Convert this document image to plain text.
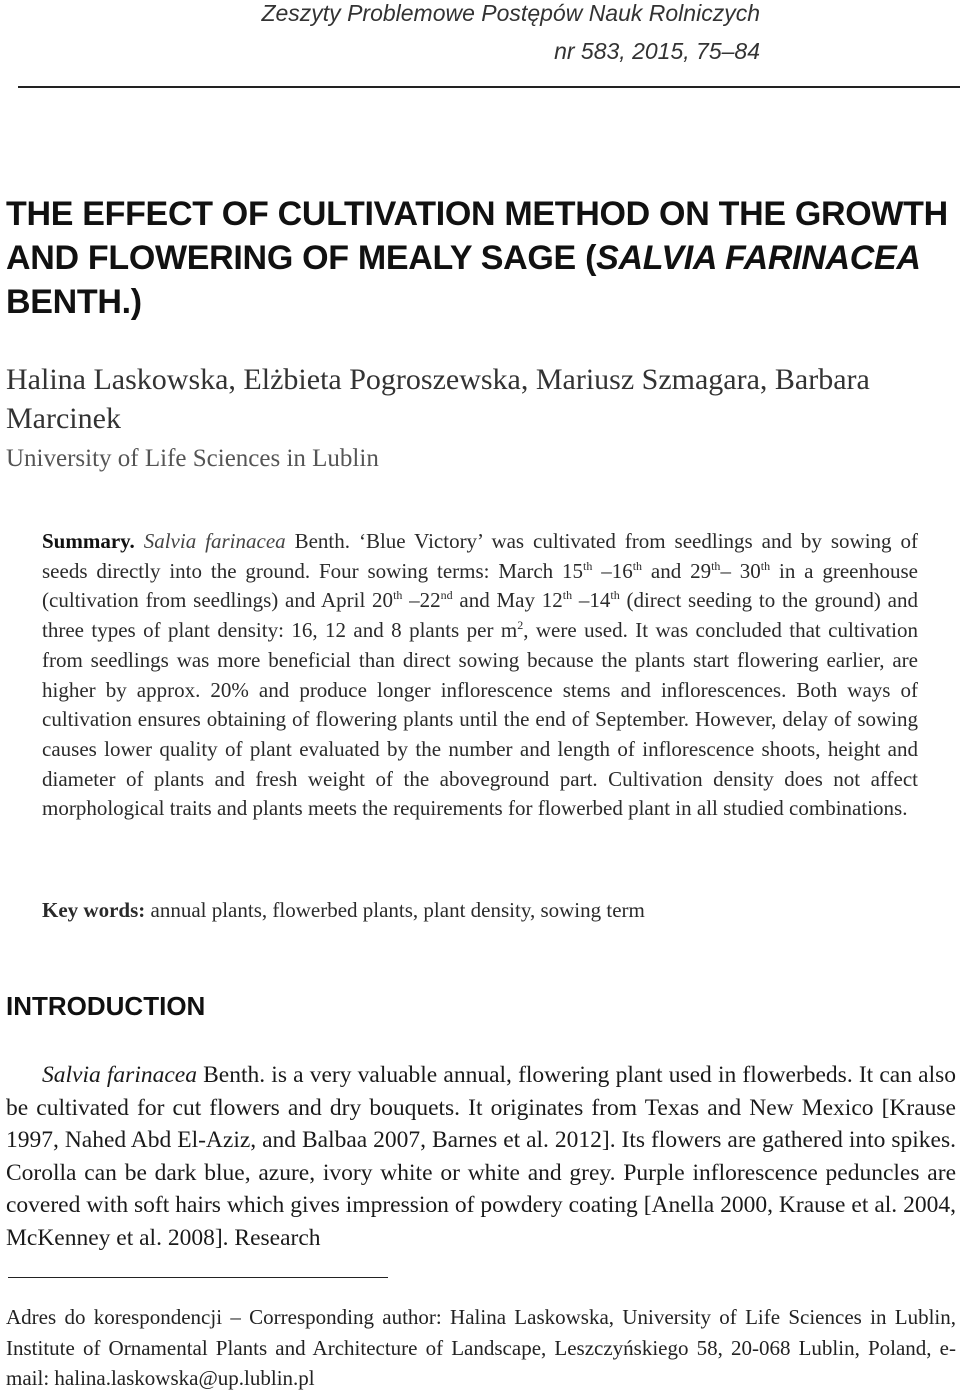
Zeszyty Problemowe Postępów Nauk Rolniczych
nr 583, 2015, 75–84
THE EFFECT OF CULTIVATION METHOD ON THE GROWTH AND FLOWERING OF MEALY SAGE (SALVIA FARINACEA BENTH.)

Halina Laskowska, Elżbieta Pogroszewska, Mariusz Szmagara, Barbara Marcinek

University of Life Sciences in Lublin

Summary. Salvia farinacea Benth. ‘Blue Victory’ was cultivated from seedlings and by sowing of seeds directly into the ground. Four sowing terms: March 15th –16th and 29th– 30th in a greenhouse (cultivation from seedlings) and April 20th –22nd and May 12th –14th (direct seeding to the ground) and three types of plant density: 16, 12 and 8 plants per $m^2$, were used. It was concluded that cultivation from seedlings was more beneficial than direct sowing because the plants start flowering earlier, are higher by approx. 20% and produce longer inflorescence stems and inflorescences. Both ways of cultivation ensures obtaining of flowering plants until the end of September. However, delay of sowing causes lower quality of plant evaluated by the number and length of inflorescence shoots, height and diameter of plants and fresh weight of the aboveground part. Cultivation density does not affect morphological traits and plants meets the requirements for flowerbed plant in all studied combinations.

Key words: annual plants, flowerbed plants, plant density, sowing term

INTRODUCTION

Salvia farinacea Benth. is a very valuable annual, flowering plant used in flowerbeds. It can also be cultivated for cut flowers and dry bouquets. It originates from Texas and New Mexico [Krause 1997, Nahed Abd El-Aziz, and Balbaa 2007, Barnes et al. 2012]. Its flowers are gathered into spikes. Corolla can be dark blue, azure, ivory white or white and grey. Purple inflorescence peduncles are covered with soft hairs which gives impression of powdery coating [Anella 2000, Krause et al. 2004, McKenney et al. 2008]. Research

Adres do korespondencji – Corresponding author: Halina Laskowska, University of Life Sciences in Lublin, Institute of Ornamental Plants and Architecture of Landscape, Leszczyńskiego 58, 20-068 Lublin, Poland, e-mail: halina.laskowska@up.lublin.pl
